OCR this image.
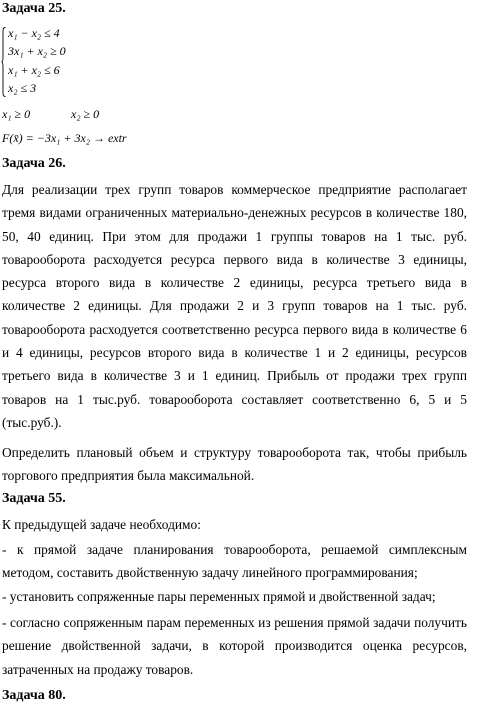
Задача 25.
x₁ − x₂ ≤ 4
3x₁ + x₂ ≥ 0
x₁ + x₂ ≤ 6
x₂ ≤ 3
x₁ ≥ 0	x₂ ≥ 0
F(x̄) = −3x₁ + 3x₂ → extr
Задача 26.
Для реализации трех групп товаров коммерческое предприятие располагает тремя видами ограниченных материально-денежных ресурсов в количестве 180, 50, 40 единиц. При этом для продажи 1 группы товаров на 1 тыс. руб. товарооборота расходуется ресурса первого вида в количестве 3 единицы, ресурса второго вида в количестве 2 единицы, ресурса третьего вида в количестве 2 единицы. Для продажи 2 и 3 групп товаров на 1 тыс. руб. товарооборота расходуется соответственно ресурса первого вида в количестве 6 и 4 единицы, ресурсов второго вида в количестве 1 и 2 единицы, ресурсов третьего вида в количестве 3 и 1 единиц. Прибыль от продажи трех групп товаров на 1 тыс.руб. товарооборота составляет соответственно 6, 5 и 5 (тыс.руб.).
Определить плановый объем и структуру товарооборота так, чтобы прибыль торгового предприятия была максимальной.
Задача 55.
К предыдущей задаче необходимо:
- к прямой задаче планирования товарооборота, решаемой симплексным методом, составить двойственную задачу линейного программирования;
- установить сопряженные пары переменных прямой и двойственной задач;
- согласно сопряженным парам переменных из решения прямой задачи получить решение двойственной задачи, в которой производится оценка ресурсов, затраченных на продажу товаров.
Задача 80.
